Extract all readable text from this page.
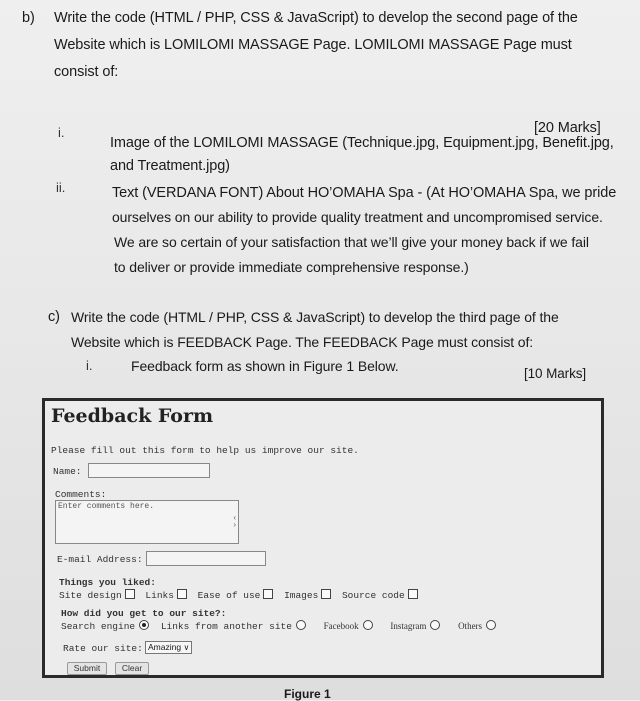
b) Write the code (HTML / PHP, CSS & JavaScript) to develop the second page of the
Website which is LOMILOMI MASSAGE Page. LOMILOMI MASSAGE Page must
consist of:
[20 Marks]
i.
Image of the LOMILOMI MASSAGE (Technique.jpg, Equipment.jpg, Benefit.jpg,
and Treatment.jpg)
ii.	Text (VERDANA FONT) About HO’OMAHA Spa - (At HO’OMAHA Spa, we pride
ourselves on our ability to provide quality treatment and uncompromised service.
We are so certain of your satisfaction that we’ll give your money back if we fail
to deliver or provide immediate comprehensive response.)
c) Write the code (HTML / PHP, CSS & JavaScript) to develop the third page of the
Website which is FEEDBACK Page. The FEEDBACK Page must consist of:
i.	Feedback form as shown in Figure 1 Below.	[10 Marks]
Feedback Form
Please fill out this form to help us improve our site.
Name:
Comments:
Enter comments here.
‹
›
E-mail Address:
Things you liked:
Site design Links Ease of use Images Source code
How did you get to our site?:
Search engine	Links from another site	Facebook	Instagram	Others
Rate our site: Amazing ∨
Submit	Clear
Figure 1
